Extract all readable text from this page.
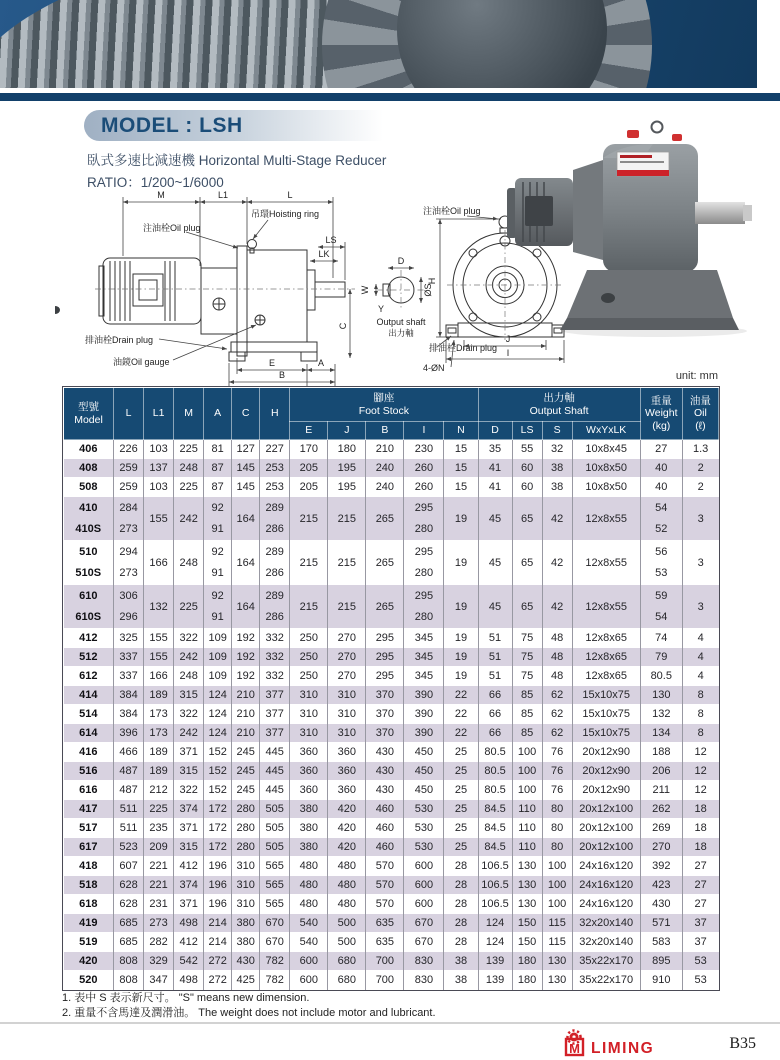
MODEL : LSH
臥式多速比減速機 Horizontal Multi-Stage Reducer
RATIO：1/200~1/6000
M	L1	L
吊環Hoisting ring
注油栓Oil plug
LS
LK
C
E	A
B
排油栓Drain plug
油鏡Oil gauge
D
W	ØS
Y
Output shaft
出力軸
注油栓Oil plug
H
排油栓Drain plug
4-ØN
J
I
unit: mm
型號
Model

L	L1	M	A	C	H

腳座
Foot Stock

出力軸
Output Shaft

重量
Weight
(kg)

油量
Oil
(ℓ)

							E	J	B	I	N	D	LS	S	WxYxLK		

406	226	103	225	81	127	227	170	180	210	230	15	35	55	32	10x8x45	27	1.3
408	259	137	248	87	145	253	205	195	240	260	15	41	60	38	10x8x50	40	2
508	259	103	225	87	145	253	205	195	240	260	15	41	60	38	10x8x50	40	2
410	284	155	242	92	164	289	215	215	265	295	19	45	65	42	12x8x55	54	3
410S	273			91		286				280						52	
510	294	166	248	92	164	289	215	215	265	295	19	45	65	42	12x8x55	56	3
510S	273			91		286				280						53	
610	306	132	225	92	164	289	215	215	265	295	19	45	65	42	12x8x55	59	3
610S	296			91		286				280						54	
412	325	155	322	109	192	332	250	270	295	345	19	51	75	48	12x8x65	74	4
512	337	155	242	109	192	332	250	270	295	345	19	51	75	48	12x8x65	79	4
612	337	166	248	109	192	332	250	270	295	345	19	51	75	48	12x8x65	80.5	4
414	384	189	315	124	210	377	310	310	370	390	22	66	85	62	15x10x75	130	8
514	384	173	322	124	210	377	310	310	370	390	22	66	85	62	15x10x75	132	8
614	396	173	242	124	210	377	310	310	370	390	22	66	85	62	15x10x75	134	8
416	466	189	371	152	245	445	360	360	430	450	25	80.5	100	76	20x12x90	188	12
516	487	189	315	152	245	445	360	360	430	450	25	80.5	100	76	20x12x90	206	12
616	487	212	322	152	245	445	360	360	430	450	25	80.5	100	76	20x12x90	211	12
417	511	225	374	172	280	505	380	420	460	530	25	84.5	110	80	20x12x100	262	18
517	511	235	371	172	280	505	380	420	460	530	25	84.5	110	80	20x12x100	269	18
617	523	209	315	172	280	505	380	420	460	530	25	84.5	110	80	20x12x100	270	18
418	607	221	412	196	310	565	480	480	570	600	28	106.5	130	100	24x16x120	392	27
518	628	221	374	196	310	565	480	480	570	600	28	106.5	130	100	24x16x120	423	27
618	628	231	371	196	310	565	480	480	570	600	28	106.5	130	100	24x16x120	430	27
419	685	273	498	214	380	670	540	500	635	670	28	124	150	115	32x20x140	571	37
519	685	282	412	214	380	670	540	500	635	670	28	124	150	115	32x20x140	583	37
420	808	329	542	272	430	782	600	680	700	830	38	139	180	130	35x22x170	895	53
520	808	347	498	272	425	782	600	680	700	830	38	139	180	130	35x22x170	910	53

1. 表中 S 表示新尺寸。 "S" means new dimension.

2. 重量不含馬達及潤滑油。 The weight does not include motor and lubricant.

M LIMING	B35
